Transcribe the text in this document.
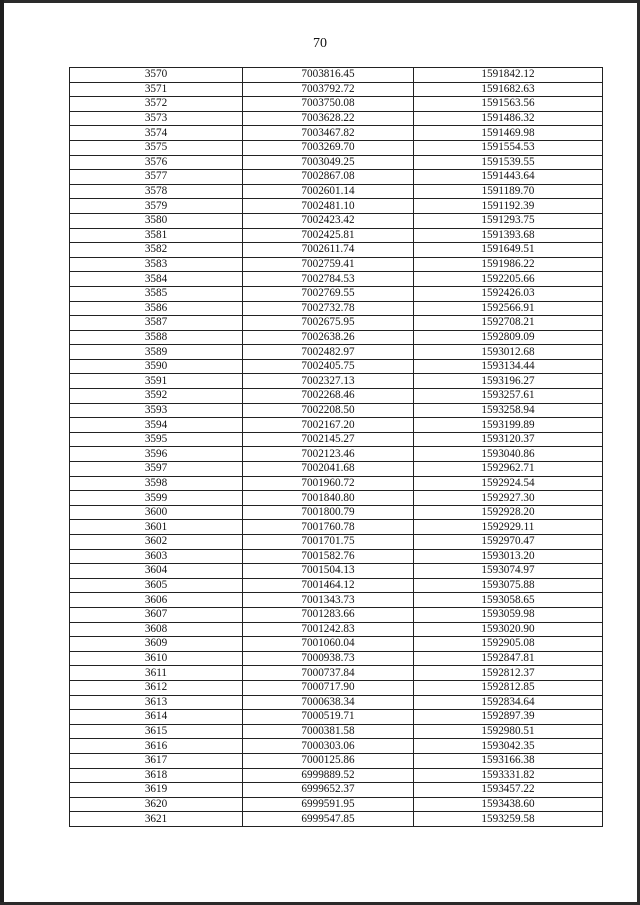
70
3570	7003816.45	1591842.12
3571	7003792.72	1591682.63
3572	7003750.08	1591563.56
3573	7003628.22	1591486.32
3574	7003467.82	1591469.98
3575	7003269.70	1591554.53
3576	7003049.25	1591539.55
3577	7002867.08	1591443.64
3578	7002601.14	1591189.70
3579	7002481.10	1591192.39
3580	7002423.42	1591293.75
3581	7002425.81	1591393.68
3582	7002611.74	1591649.51
3583	7002759.41	1591986.22
3584	7002784.53	1592205.66
3585	7002769.55	1592426.03
3586	7002732.78	1592566.91
3587	7002675.95	1592708.21
3588	7002638.26	1592809.09
3589	7002482.97	1593012.68
3590	7002405.75	1593134.44
3591	7002327.13	1593196.27
3592	7002268.46	1593257.61
3593	7002208.50	1593258.94
3594	7002167.20	1593199.89
3595	7002145.27	1593120.37
3596	7002123.46	1593040.86
3597	7002041.68	1592962.71
3598	7001960.72	1592924.54
3599	7001840.80	1592927.30
3600	7001800.79	1592928.20
3601	7001760.78	1592929.11
3602	7001701.75	1592970.47
3603	7001582.76	1593013.20
3604	7001504.13	1593074.97
3605	7001464.12	1593075.88
3606	7001343.73	1593058.65
3607	7001283.66	1593059.98
3608	7001242.83	1593020.90
3609	7001060.04	1592905.08
3610	7000938.73	1592847.81
3611	7000737.84	1592812.37
3612	7000717.90	1592812.85
3613	7000638.34	1592834.64
3614	7000519.71	1592897.39
3615	7000381.58	1592980.51
3616	7000303.06	1593042.35
3617	7000125.86	1593166.38
3618	6999889.52	1593331.82
3619	6999652.37	1593457.22
3620	6999591.95	1593438.60
3621	6999547.85	1593259.58
